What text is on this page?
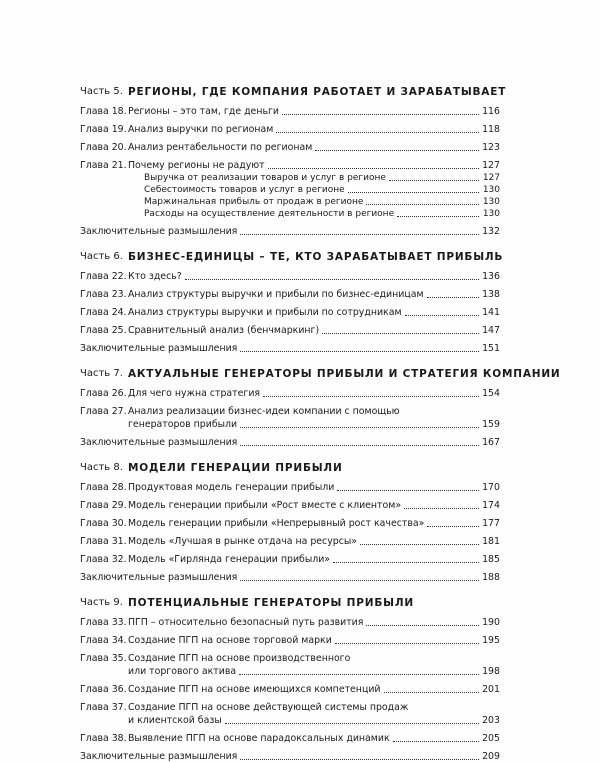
Часть 5. РЕГИОНЫ, ГДЕ КОМПАНИЯ РАБОТАЕТ И ЗАРАБАТЫВАЕТ
Глава 18. Регионы – это там, где деньги	116
Глава 19. Анализ выручки по регионам	118
Глава 20. Анализ рентабельности по регионам	123
Глава 21. Почему регионы не радуют	127
Выручка от реализации товаров и услуг в регионе	127
Себестоимость товаров и услуг в регионе	130
Маржинальная прибыль от продаж в регионе	130
Расходы на осуществление деятельности в регионе	130
Заключительные размышления	132
Часть 6. БИЗНЕС-ЕДИНИЦЫ – ТЕ, КТО ЗАРАБАТЫВАЕТ ПРИБЫЛЬ
Глава 22. Кто здесь?	136
Глава 23. Анализ структуры выручки и прибыли по бизнес-единицам	138
Глава 24. Анализ структуры выручки и прибыли по сотрудникам	141
Глава 25. Сравнительный анализ (бенчмаркинг)	147
Заключительные размышления	151
Часть 7. АКТУАЛЬНЫЕ ГЕНЕРАТОРЫ ПРИБЫЛИ И СТРАТЕГИЯ КОМПАНИИ
Глава 26. Для чего нужна стратегия	154
Глава 27. Анализ реализации бизнес-идеи компании с помощью
генераторов прибыли	159
Заключительные размышления	167
Часть 8. МОДЕЛИ ГЕНЕРАЦИИ ПРИБЫЛИ
Глава 28. Продуктовая модель генерации прибыли	170
Глава 29. Модель генерации прибыли «Рост вместе с клиентом»	174
Глава 30. Модель генерации прибыли «Непрерывный рост качества»	177
Глава 31. Модель «Лучшая в рынке отдача на ресурсы»	181
Глава 32. Модель «Гирлянда генерации прибыли»	185
Заключительные размышления	188
Часть 9. ПОТЕНЦИАЛЬНЫЕ ГЕНЕРАТОРЫ ПРИБЫЛИ
Глава 33. ПГП – относительно безопасный путь развития	190
Глава 34. Создание ПГП на основе торговой марки	195
Глава 35. Создание ПГП на основе производственного
или торгового актива	198
Глава 36. Создание ПГП на основе имеющихся компетенций	201
Глава 37. Создание ПГП на основе действующей системы продаж
и клиентской базы	203
Глава 38. Выявление ПГП на основе парадоксальных динамик	205
Заключительные размышления	209
